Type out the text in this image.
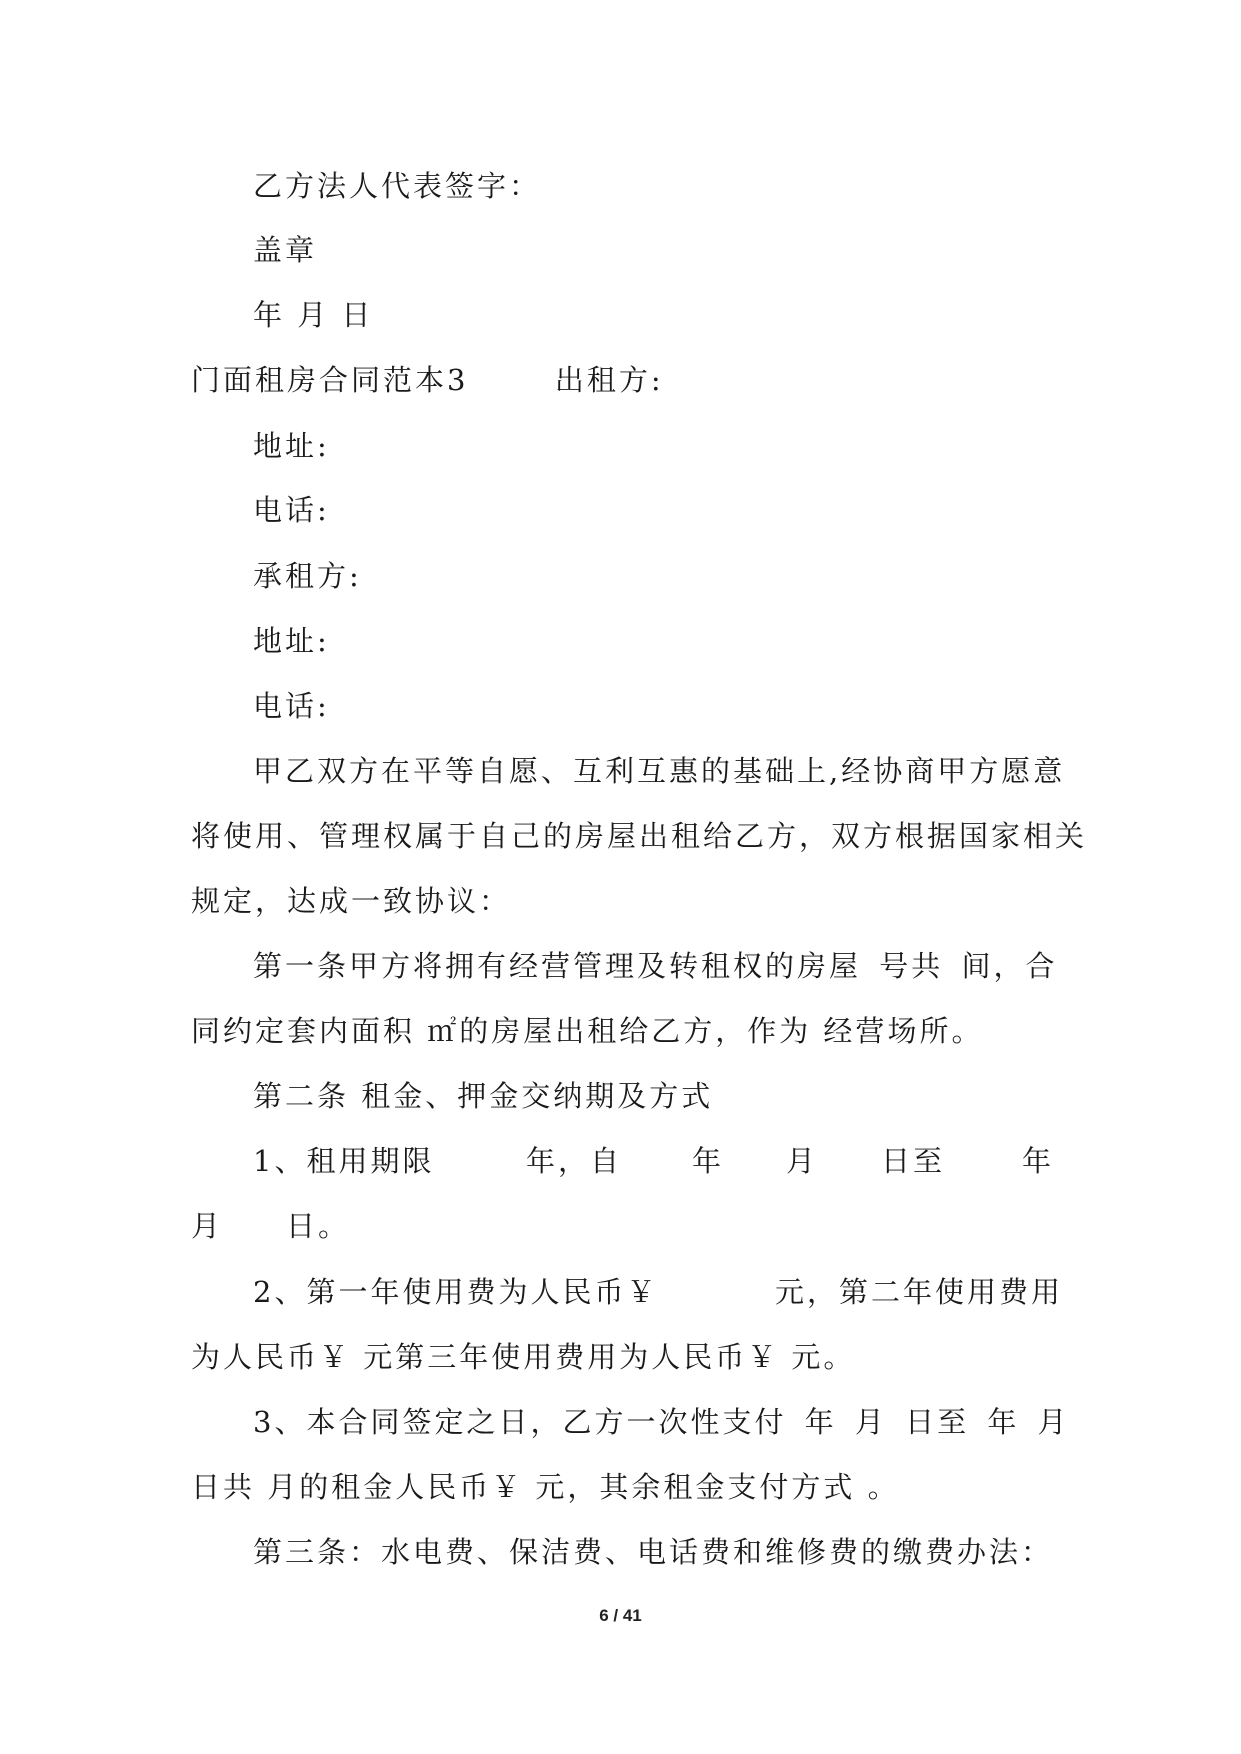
乙方法人代表签字：
盖章
年 月 日
门面租房合同范本3	出租方:
地址:
电话:
承租方:
地址:
电话:
甲乙双方在平等自愿、互利互惠的基础上,经协商甲方愿意
将使用、管理权属于自己的房屋出租给乙方，双方根据国家相关
规定，达成一致协议：
第一条甲方将拥有经营管理及转租权的房屋 号共 间，合
同约定套内面积 ㎡的房屋出租给乙方，作为 经营场所。
第二条 租金、押金交纳期及方式
1、租用期限	年，自 年 月 日至	年
月 日。
2、第一年使用费为人民币￥	元，第二年使用费用
为人民币￥ 元第三年使用费用为人民币￥ 元。
3、本合同签定之日，乙方一次性支付 年 月 日至 年 月
日共 月的租金人民币￥ 元，其余租金支付方式 。
第三条：水电费、保洁费、电话费和维修费的缴费办法：
6 / 41
